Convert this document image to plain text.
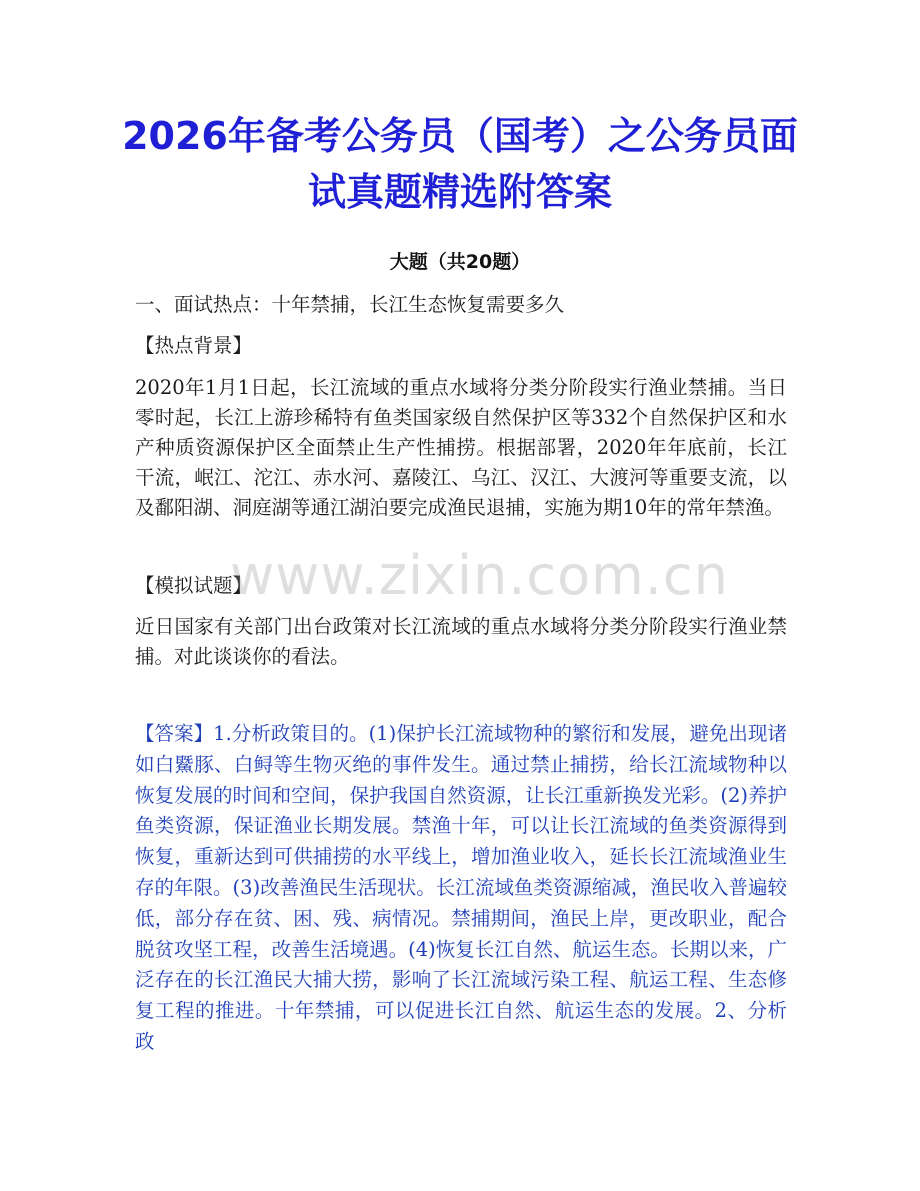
2026年备考公务员（国考）之公务员面试真题精选附答案
大题（共20题）

一、面试热点：十年禁捕，长江生态恢复需要多久

【热点背景】

2020年1月1日起，长江流域的重点水域将分类分阶段实行渔业禁捕。当日零时起，长江上游珍稀特有鱼类国家级自然保护区等332个自然保护区和水产种质资源保护区全面禁止生产性捕捞。根据部署，2020年年底前，长江干流，岷江、沱江、赤水河、嘉陵江、乌江、汉江、大渡河等重要支流，以及鄱阳湖、洞庭湖等通江湖泊要完成渔民退捕，实施为期10年的常年禁渔。

【模拟试题】

近日国家有关部门出台政策对长江流域的重点水域将分类分阶段实行渔业禁捕。对此谈谈你的看法。

【答案】1.分析政策目的。(1)保护长江流域物种的繁衍和发展，避免出现诸如白鱀豚、白鲟等生物灭绝的事件发生。通过禁止捕捞，给长江流域物种以恢复发展的时间和空间，保护我国自然资源，让长江重新换发光彩。(2)养护鱼类资源，保证渔业长期发展。禁渔十年，可以让长江流域的鱼类资源得到恢复，重新达到可供捕捞的水平线上，增加渔业收入，延长长江流域渔业生存的年限。(3)改善渔民生活现状。长江流域鱼类资源缩减，渔民收入普遍较低，部分存在贫、困、残、病情况。禁捕期间，渔民上岸，更改职业，配合脱贫攻坚工程，改善生活境遇。(4)恢复长江自然、航运生态。长期以来，广泛存在的长江渔民大捕大捞，影响了长江流域污染工程、航运工程、生态修复工程的推进。十年禁捕，可以促进长江自然、航运生态的发展。2、分析政

www.zixin.com.cn
